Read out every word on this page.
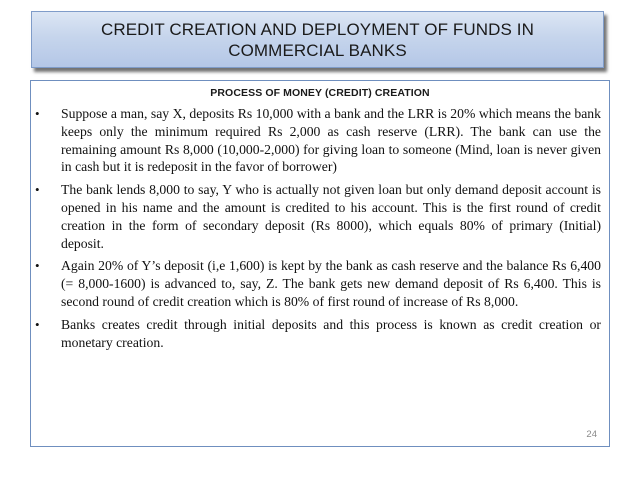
CREDIT CREATION AND DEPLOYMENT OF FUNDS IN COMMERCIAL BANKS
PROCESS OF MONEY (CREDIT) CREATION
• Suppose a man, say X, deposits Rs 10,000 with a bank and the LRR is 20% which means the bank keeps only the minimum required Rs 2,000 as cash reserve (LRR). The bank can use the remaining amount Rs 8,000 (10,000-2,000) for giving loan to someone (Mind, loan is never given in cash but it is redeposit in the favor of borrower)
• The bank lends 8,000 to say, Y who is actually not given loan but only demand deposit account is opened in his name and the amount is credited to his account. This is the first round of credit creation in the form of secondary deposit (Rs 8000), which equals 80% of primary (Initial) deposit.
• Again 20% of Y’s deposit (i,e 1,600) is kept by the bank as cash reserve and the balance Rs 6,400 (= 8,000-1600) is advanced to, say, Z. The bank gets new demand deposit of Rs 6,400. This is second round of credit creation which is 80% of first round of increase of Rs 8,000.
• Banks creates credit through initial deposits and this process is known as credit creation or monetary creation.
24
